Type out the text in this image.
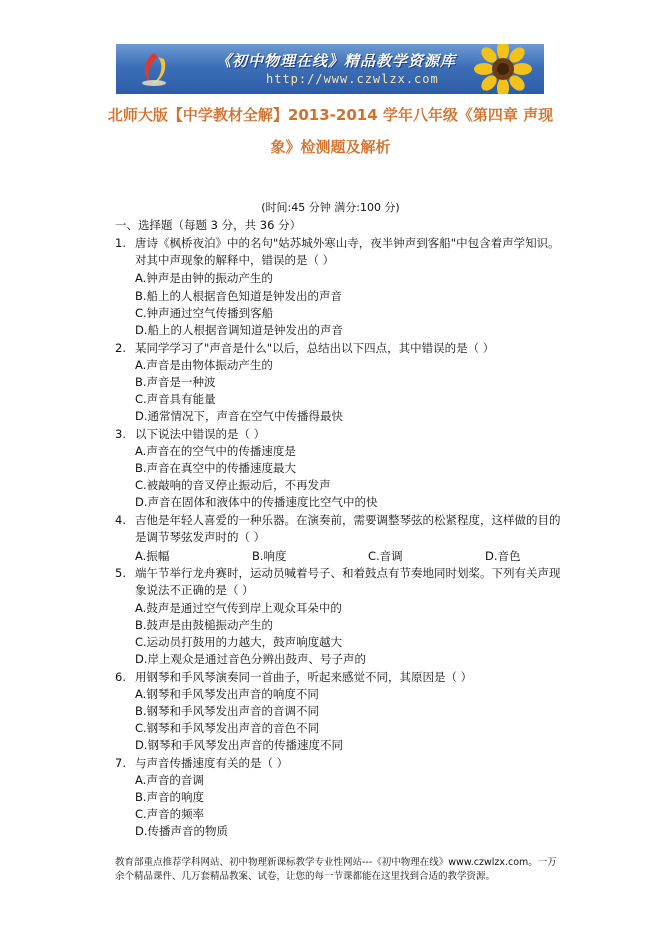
《初中物理在线》精品教学资源库
http://www.czwlzx.com
北师大版【中学教材全解】2013-2014 学年八年级《第四章 声现
象》检测题及解析
(时间:45 分钟 满分:100 分)
一、选择题（每题 3 分，共 36 分）
1. 唐诗《枫桥夜泊》中的名句"姑苏城外寒山寺，夜半钟声到客船"中包含着声学知识。
对其中声现象的解释中，错误的是（ ）
A.钟声是由钟的振动产生的
B.船上的人根据音色知道是钟发出的声音
C.钟声通过空气传播到客船
D.船上的人根据音调知道是钟发出的声音
2. 某同学学习了"声音是什么"以后，总结出以下四点，其中错误的是（ ）
A.声音是由物体振动产生的
B.声音是一种波
C.声音具有能量
D.通常情况下，声音在空气中传播得最快
3. 以下说法中错误的是（ ）
A.声音在的空气中的传播速度是
B.声音在真空中的传播速度最大
C.被敲响的音叉停止振动后，不再发声
D.声音在固体和液体中的传播速度比空气中的快
4. 吉他是年轻人喜爱的一种乐器。在演奏前，需要调整琴弦的松紧程度，这样做的目的
是调节琴弦发声时的（ ）
A.振幅	B.响度	C.音调	D.音色
5. 端午节举行龙舟赛时，运动员喊着号子、和着鼓点有节奏地同时划桨。下列有关声现
象说法不正确的是（ ）
A.鼓声是通过空气传到岸上观众耳朵中的
B.鼓声是由鼓槌振动产生的
C.运动员打鼓用的力越大，鼓声响度越大
D.岸上观众是通过音色分辨出鼓声、号子声的
6. 用钢琴和手风琴演奏同一首曲子，听起来感觉不同，其原因是（ ）
A.钢琴和手风琴发出声音的响度不同
B.钢琴和手风琴发出声音的音调不同
C.钢琴和手风琴发出声音的音色不同
D.钢琴和手风琴发出声音的传播速度不同
7. 与声音传播速度有关的是（ ）
A.声音的音调
B.声音的响度
C.声音的频率
D.传播声音的物质
教育部重点推荐学科网站、初中物理新课标教学专业性网站---《初中物理在线》www.czwlzx.com。一万
余个精品课件、几万套精品教案、试卷，让您的每一节课都能在这里找到合适的教学资源。
